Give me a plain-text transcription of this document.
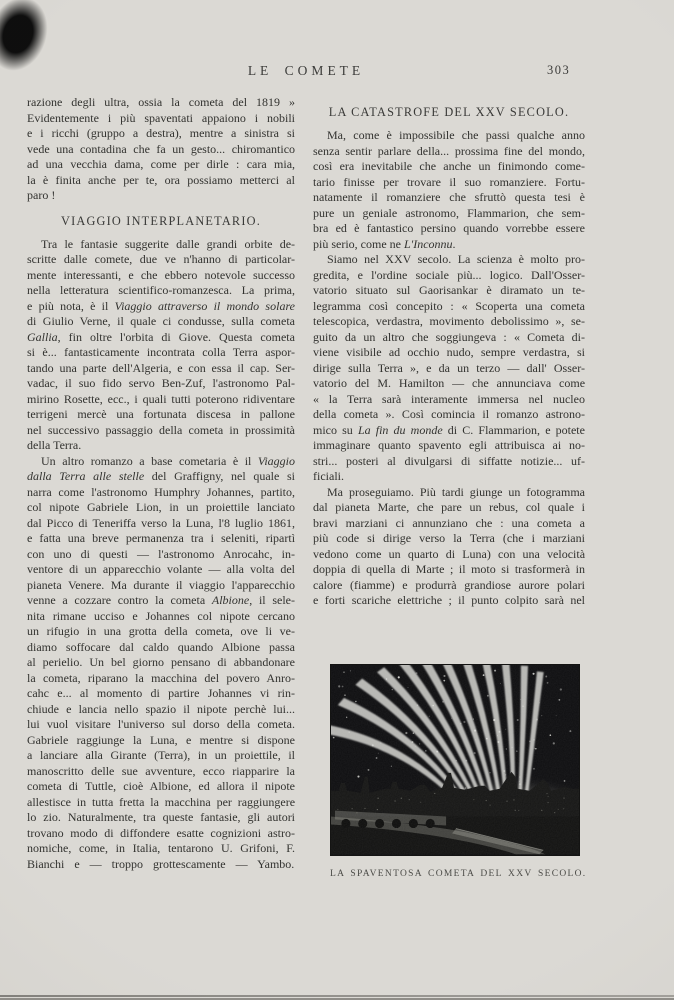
LE COMETE	303
razione degli ultra, ossia la cometa del 1819 »
Evidentemente i più spaventati appaiono i nobili
e i ricchi (gruppo a destra), mentre a sinistra si
vede una contadina che fa un gesto... chiromantico
ad una vecchia dama, come per dirle : cara mia,
la è finita anche per te, ora possiamo metterci al
paro !
VIAGGIO INTERPLANETARIO.
Tra le fantasie suggerite dalle grandi orbite de-
scritte dalle comete, due ve n'hanno di particolar-
mente interessanti, e che ebbero notevole successo
nella letteratura scientifico-romanzesca. La prima,
e più nota, è il Viaggio attraverso il mondo solare
di Giulio Verne, il quale ci condusse, sulla cometa
Gallia, fin oltre l'orbita di Giove. Questa cometa
si è... fantasticamente incontrata colla Terra aspor-
tando una parte dell'Algeria, e con essa il cap. Ser-
vadac, il suo fido servo Ben-Zuf, l'astronomo Pal-
mirino Rosette, ecc., i quali tutti poterono ridiventare
terrigeni mercè una fortunata discesa in pallone
nel successivo passaggio della cometa in prossimità
della Terra.
Un altro romanzo a base cometaria è il Viaggio
dalla Terra alle stelle del Graffigny, nel quale si
narra come l'astronomo Humphry Johannes, partito,
col nipote Gabriele Lion, in un proiettile lanciato
dal Picco di Teneriffa verso la Luna, l'8 luglio 1861,
e fatta una breve permanenza tra i seleniti, ripartì
con uno di questi — l'astronomo Anrocahc, in-
ventore di un apparecchio volante — alla volta del
pianeta Venere. Ma durante il viaggio l'apparecchio
venne a cozzare contro la cometa Albione, il sele-
nita rimane ucciso e Johannes col nipote cercano
un rifugio in una grotta della cometa, ove li ve-
diamo soffocare dal caldo quando Albione passa
al perielio. Un bel giorno pensano di abbandonare
la cometa, riparano la macchina del povero Anro-
cahc e... al momento di partire Johannes vi rin-
chiude e lancia nello spazio il nipote perchè lui...
lui vuol visitare l'universo sul dorso della cometa.
Gabriele raggiunge la Luna, e mentre si dispone
a lanciare alla Girante (Terra), in un proiettile, il
manoscritto delle sue avventure, ecco riapparire la
cometa di Tuttle, cioè Albione, ed allora il nipote
allestisce in tutta fretta la macchina per raggiungere
lo zio. Naturalmente, tra queste fantasie, gli autori
trovano modo di diffondere esatte cognizioni astro-
nomiche, come, in Italia, tentarono U. Grifoni, F.
Bianchi e — troppo grottescamente — Yambo.
LA CATASTROFE DEL XXV SECOLO.
Ma, come è impossibile che passi qualche anno
senza sentir parlare della... prossima fine del mondo,
così era inevitabile che anche un finimondo come-
tario finisse per trovare il suo romanziere. Fortu-
natamente il romanziere che sfruttò questa tesi è
pure un geniale astronomo, Flammarion, che sem-
bra ed è fantastico persino quando vorrebbe essere
più serio, come ne L'Inconnu.
Siamo nel XXV secolo. La scienza è molto pro-
gredita, e l'ordine sociale più... logico. Dall'Osser-
vatorio situato sul Gaorisankar è diramato un te-
legramma così concepito : « Scoperta una cometa
telescopica, verdastra, movimento debolissimo », se-
guito da un altro che soggiungeva : « Cometa di-
viene visibile ad occhio nudo, sempre verdastra, si
dirige sulla Terra », e da un terzo — dall' Osser-
vatorio del M. Hamilton — che annunciava come
« la Terra sarà interamente immersa nel nucleo
della cometa ». Così comincia il romanzo astrono-
mico su La fin du monde di C. Flammarion, e potete
immaginare quanto spavento egli attribuisca ai no-
stri... posteri al divulgarsi di siffatte notizie... uf-
ficiali.
Ma proseguiamo. Più tardi giunge un fotogramma
dal pianeta Marte, che pare un rebus, col quale i
bravi marziani ci annunziano che : una cometa a
più code si dirige verso la Terra (che i marziani
vedono come un quarto di Luna) con una velocità
doppia di quella di Marte ; il moto si trasformerà in
calore (fiamme) e produrrà grandiose aurore polari
e forti scariche elettriche ; il punto colpito sarà nel
LA SPAVENTOSA COMETA DEL XXV SECOLO.
